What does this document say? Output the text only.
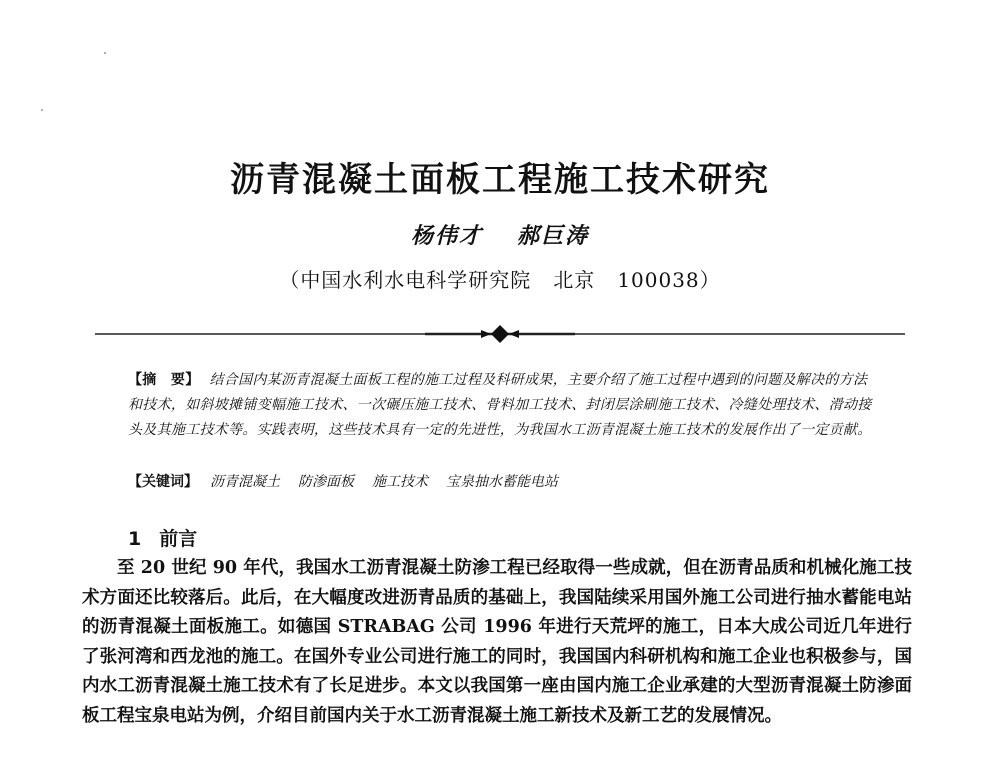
沥青混凝土面板工程施工技术研究
杨伟才 郝巨涛
（中国水利水电科学研究院 北京 100038）
【摘　要】 结合国内某沥青混凝土面板工程的施工过程及科研成果，主要介绍了施工过程中遇到的问题及解决的方法和技术，如斜坡摊铺变幅施工技术、一次碾压施工技术、骨料加工技术、封闭层涂刷施工技术、冷缝处理技术、滑动接头及其施工技术等。实践表明，这些技术具有一定的先进性，为我国水工沥青混凝土施工技术的发展作出了一定贡献。
【关键词】 沥青混凝土 防渗面板 施工技术 宝泉抽水蓄能电站
1 前言

至 20 世纪 90 年代，我国水工沥青混凝土防渗工程已经取得一些成就，但在沥青品质和机械化施工技术方面还比较落后。此后，在大幅度改进沥青品质的基础上，我国陆续采用国外施工公司进行抽水蓄能电站的沥青混凝土面板施工。如德国 STRABAG 公司 1996 年进行天荒坪的施工，日本大成公司近几年进行了张河湾和西龙池的施工。在国外专业公司进行施工的同时，我国国内科研机构和施工企业也积极参与，国内水工沥青混凝土施工技术有了长足进步。本文以我国第一座由国内施工企业承建的大型沥青混凝土防渗面板工程宝泉电站为例，介绍目前国内关于水工沥青混凝土施工新技术及新工艺的发展情况。
